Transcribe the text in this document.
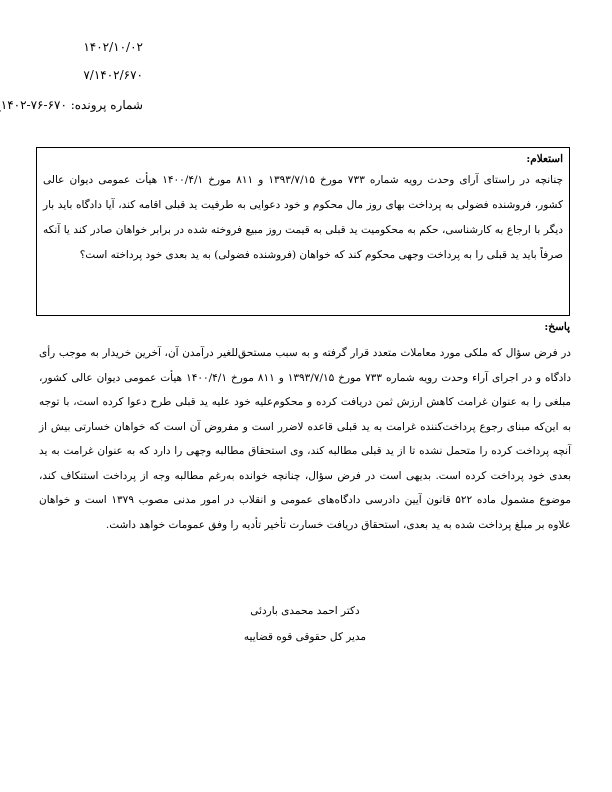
۱۴۰۲/۱۰/۰۲
۷/۱۴۰۲/۶۷۰
شماره پرونده: ۶۷۰-۷۶-۱۴۰۲
استعلام:
چنانچه در راستای آرای وحدت رویه شماره ۷۳۳ مورخ ۱۳۹۳/۷/۱۵ و ۸۱۱ مورخ ۱۴۰۰/۴/۱ هیأت عمومی دیوان عالی کشور، فروشنده فضولی به پرداخت بهای روز مال محکوم و خود دعوایی به طرفیت ید قبلی اقامه کند، آیا دادگاه باید بار دیگر با ارجاع به کارشناسی، حکم به محکومیت ید قبلی به قیمت روز مبیع فروخته شده در برابر خواهان صادر کند یا آنکه صرفاً باید ید قبلی را به پرداخت وجهی محکوم کند که خواهان (فروشنده فضولی) به ید بعدی خود پرداخته است؟
پاسخ:
در فرض سؤال که ملکی مورد معاملات متعدد قرار گرفته و به سبب مستحق‌للغیر درآمدن آن، آخرین خریدار به موجب رأی دادگاه و در اجرای آراء وحدت رویه شماره ۷۳۳ مورخ ۱۳۹۳/۷/۱۵ و ۸۱۱ مورخ ۱۴۰۰/۴/۱ هیأت عمومی دیوان عالی کشور، مبلغی را به عنوان غرامت کاهش ارزش ثمن دریافت کرده و محکوم‌علیه خود علیه ید قبلی طرح دعوا کرده است، با توجه به این‌که مبنای رجوع پرداخت‌کننده غرامت به ید قبلی قاعده لاضرر است و مفروض آن است که خواهان خسارتی بیش از آنچه پرداخت کرده را متحمل نشده تا از ید قبلی مطالبه کند، وی استحقاق مطالبه وجهی را دارد که به عنوان غرامت به ید بعدی خود پرداخت کرده است. بدیهی است در فرض سؤال، چنانچه خوانده به‌رغم مطالبه وجه از پرداخت استنکاف کند، موضوع مشمول ماده ۵۲۲ قانون آیین دادرسی دادگاه‌های عمومی و انقلاب در امور مدنی مصوب ۱۳۷۹ است و خواهان علاوه بر مبلغ پرداخت شده به ید بعدی، استحقاق دریافت خسارت تأخیر تأدیه را وفق عمومات خواهد داشت.
دکتر احمد محمدی باردئی
مدیر کل حقوقی قوه قضاییه
